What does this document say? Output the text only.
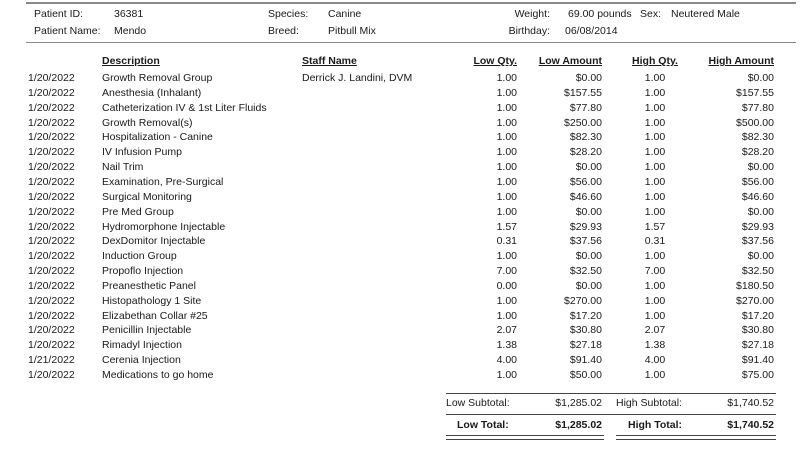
Patient ID:	36381
Patient Name: Mendo
Species: Canine
Breed:	Pitbull Mix
Weight: 69.00 pounds
Birthday: 06/08/2014
Sex: Neutered Male
Description	Staff Name	Low Qty.	Low Amount	High Qty.	High Amount
1/20/2022	Growth Removal Group	Derrick J. Landini, DVM	1.00	$0.00	1.00	$0.00
1/20/2022	Anesthesia (Inhalant)	1.00	$157.55	1.00	$157.55
1/20/2022	Catheterization IV & 1st Liter Fluids	1.00	$77.80	1.00	$77.80
1/20/2022	Growth Removal(s)	1.00	$250.00	1.00	$500.00
1/20/2022	Hospitalization - Canine	1.00	$82.30	1.00	$82.30
1/20/2022	IV Infusion Pump	1.00	$28.20	1.00	$28.20
1/20/2022	Nail Trim	1.00	$0.00	1.00	$0.00
1/20/2022	Examination, Pre-Surgical	1.00	$56.00	1.00	$56.00
1/20/2022	Surgical Monitoring	1.00	$46.60	1.00	$46.60
1/20/2022	Pre Med Group	1.00	$0.00	1.00	$0.00
1/20/2022	Hydromorphone Injectable	1.57	$29.93	1.57	$29.93
1/20/2022	DexDomitor Injectable	0.31	$37.56	0.31	$37.56
1/20/2022	Induction Group	1.00	$0.00	1.00	$0.00
1/20/2022	Propoflo Injection	7.00	$32.50	7.00	$32.50
1/20/2022	Preanesthetic Panel	0.00	$0.00	1.00	$180.50
1/20/2022	Histopathology 1 Site	1.00	$270.00	1.00	$270.00
1/20/2022	Elizabethan Collar #25	1.00	$17.20	1.00	$17.20
1/20/2022	Penicillin Injectable	2.07	$30.80	2.07	$30.80
1/20/2022	Rimadyl Injection	1.38	$27.18	1.38	$27.18
1/21/2022	Cerenia Injection	4.00	$91.40	4.00	$91.40
1/20/2022	Medications to go home	1.00	$50.00	1.00	$75.00
Low Subtotal:	$1,285.02 High Subtotal:	$1,740.52
Low Total:	$1,285.02 High Total:	$1,740.52
